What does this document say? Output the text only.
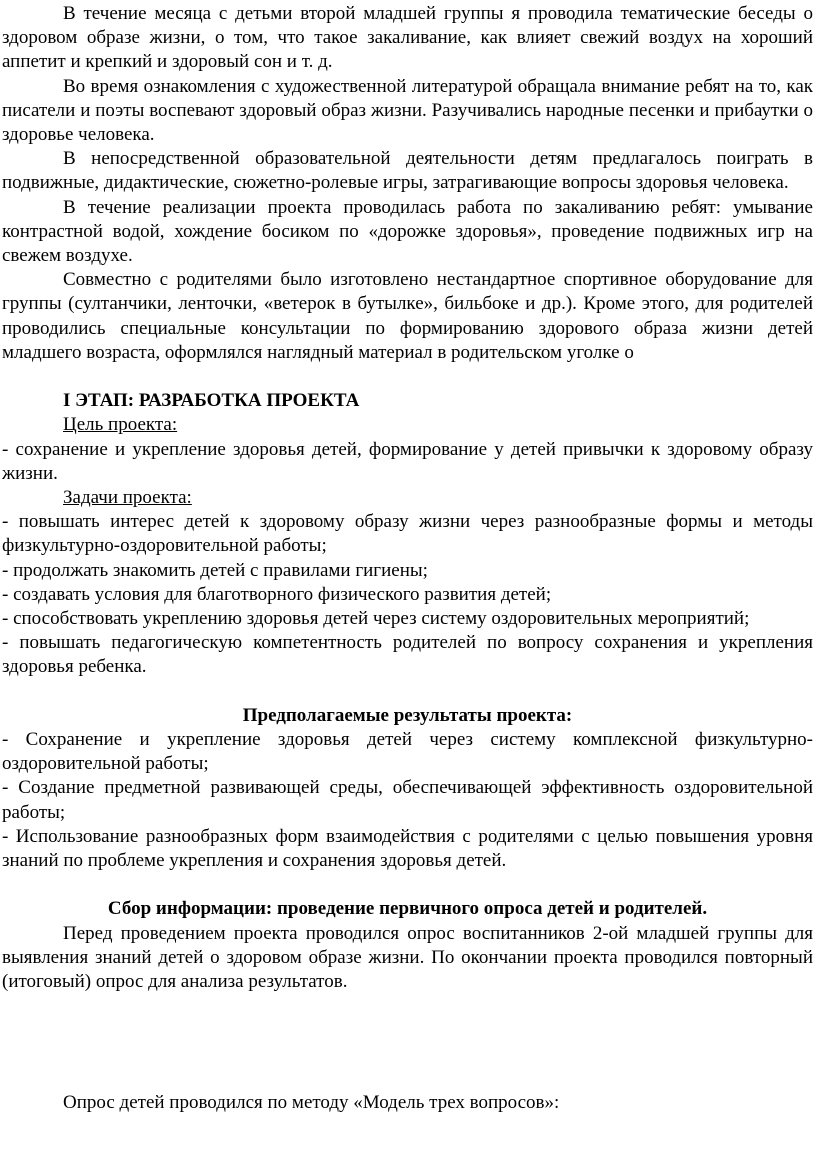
В течение месяца с детьми второй младшей группы я проводила тематические беседы о здоровом образе жизни, о том, что такое закаливание, как влияет свежий воздух на хороший аппетит и крепкий и здоровый сон и т. д.

Во время ознакомления с художественной литературой обращала внимание ребят на то, как писатели и поэты воспевают здоровый образ жизни. Разучивались народные песенки и прибаутки о здоровье человека.

В непосредственной образовательной деятельности детям предлагалось поиграть в подвижные, дидактические, сюжетно-ролевые игры, затрагивающие вопросы здоровья человека.

В течение реализации проекта проводилась работа по закаливанию ребят: умывание контрастной водой, хождение босиком по «дорожке здоровья», проведение подвижных игр на свежем воздухе.

Совместно с родителями было изготовлено нестандартное спортивное оборудование для группы (султанчики, ленточки, «ветерок в бутылке», бильбоке и др.). Кроме этого, для родителей проводились специальные консультации по формированию здорового образа жизни детей младшего возраста, оформлялся наглядный материал в родительском уголке о

I ЭТАП: РАЗРАБОТКА ПРОЕКТА

Цель проекта:

- сохранение и укрепление здоровья детей, формирование у детей привычки к здоровому образу жизни.

Задачи проекта:

- повышать интерес детей к здоровому образу жизни через разнообразные формы и методы физкультурно-оздоровительной работы;

- продолжать знакомить детей с правилами гигиены;

- создавать условия для благотворного физического развития детей;

- способствовать укреплению здоровья детей через систему оздоровительных мероприятий;

- повышать педагогическую компетентность родителей по вопросу сохранения и укрепления здоровья ребенка.

Предполагаемые результаты проекта:

- Сохранение и укрепление здоровья детей через систему комплексной физкультурно-оздоровительной работы;

- Создание предметной развивающей среды, обеспечивающей эффективность оздоровительной работы;

- Использование разнообразных форм взаимодействия с родителями с целью повышения уровня знаний по проблеме укрепления и сохранения здоровья детей.

Сбор информации: проведение первичного опроса детей и родителей.

Перед проведением проекта проводился опрос воспитанников 2-ой младшей группы для выявления знаний детей о здоровом образе жизни. По окончании проекта проводился повторный (итоговый) опрос для анализа результатов.

Опрос детей проводился по методу «Модель трех вопросов»:
